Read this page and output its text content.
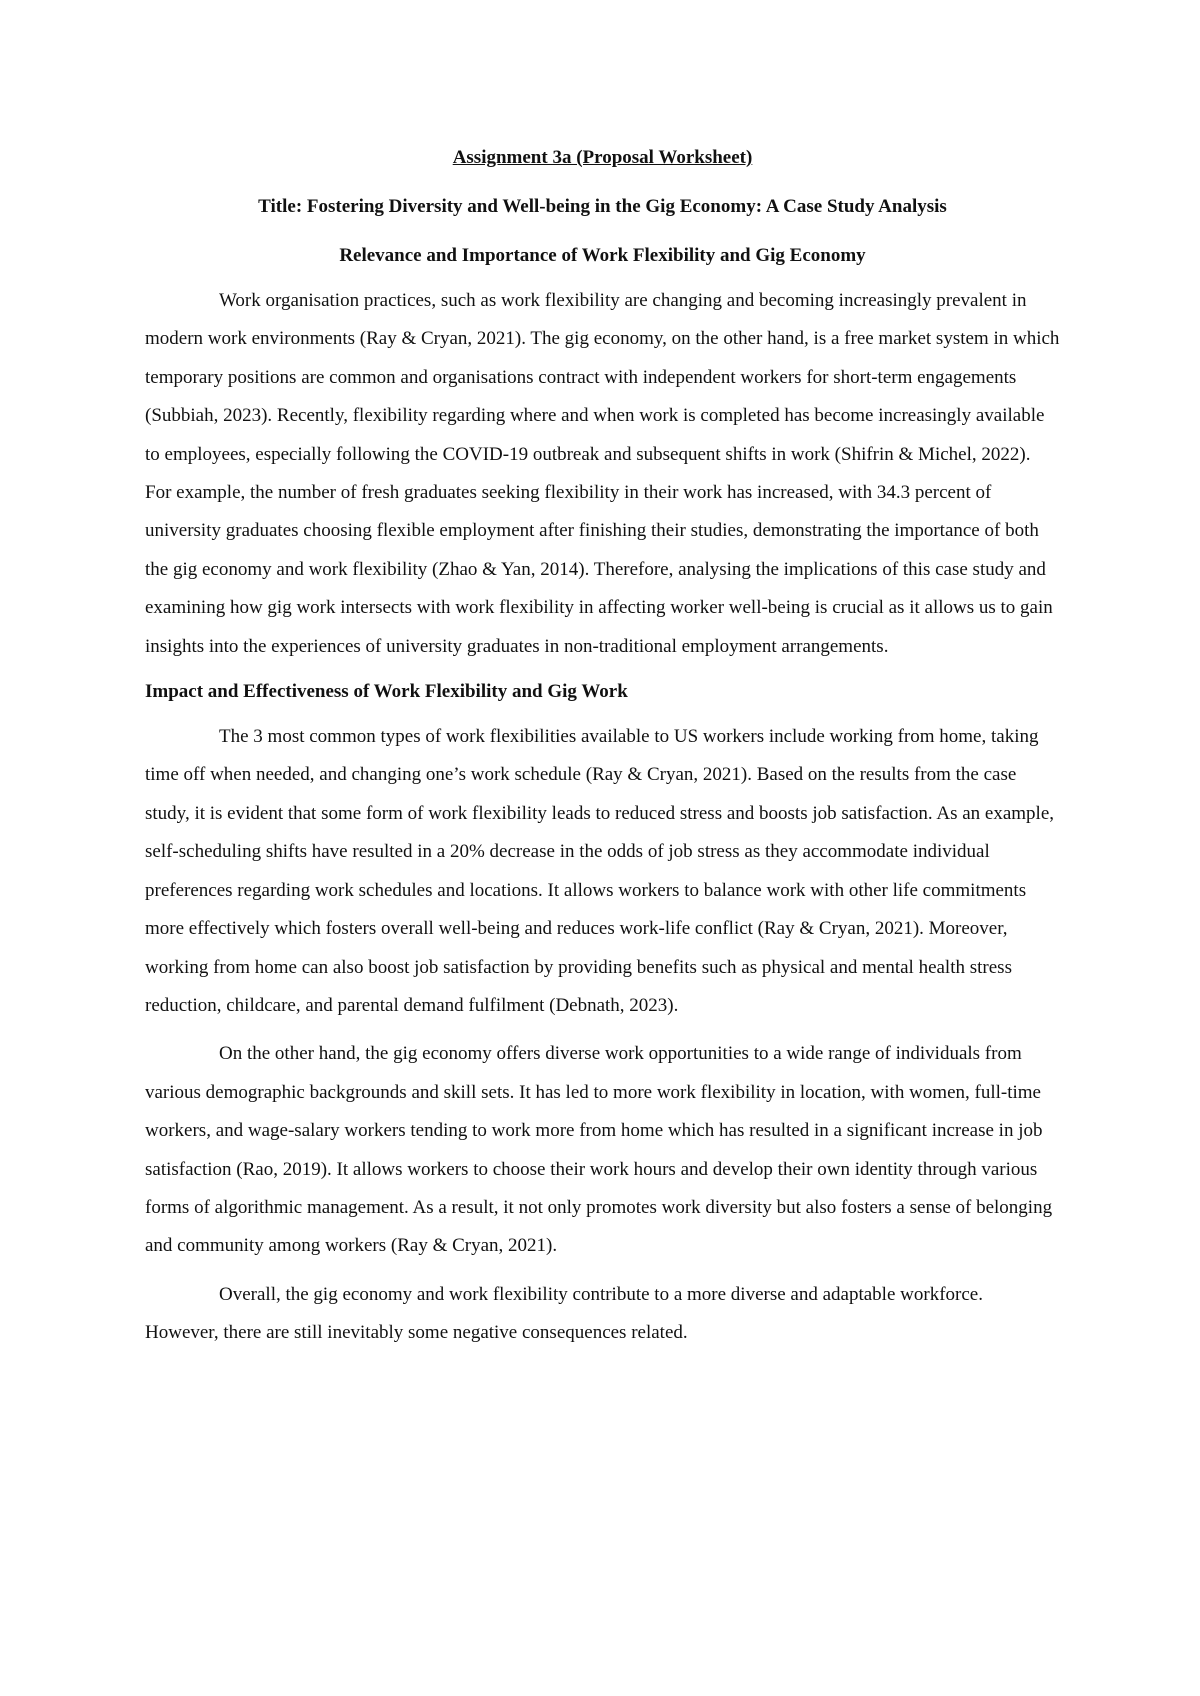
Assignment 3a (Proposal Worksheet)
Title: Fostering Diversity and Well-being in the Gig Economy: A Case Study Analysis
Relevance and Importance of Work Flexibility and Gig Economy

Work organisation practices, such as work flexibility are changing and becoming increasingly prevalent in modern work environments (Ray & Cryan, 2021). The gig economy, on the other hand, is a free market system in which temporary positions are common and organisations contract with independent workers for short-term engagements (Subbiah, 2023). Recently, flexibility regarding where and when work is completed has become increasingly available to employees, especially following the COVID-19 outbreak and subsequent shifts in work (Shifrin & Michel, 2022). For example, the number of fresh graduates seeking flexibility in their work has increased, with 34.3 percent of university graduates choosing flexible employment after finishing their studies, demonstrating the importance of both the gig economy and work flexibility (Zhao & Yan, 2014). Therefore, analysing the implications of this case study and examining how gig work intersects with work flexibility in affecting worker well-being is crucial as it allows us to gain insights into the experiences of university graduates in non-traditional employment arrangements.

Impact and Effectiveness of Work Flexibility and Gig Work

The 3 most common types of work flexibilities available to US workers include working from home, taking time off when needed, and changing one’s work schedule (Ray & Cryan, 2021). Based on the results from the case study, it is evident that some form of work flexibility leads to reduced stress and boosts job satisfaction. As an example, self-scheduling shifts have resulted in a 20% decrease in the odds of job stress as they accommodate individual preferences regarding work schedules and locations. It allows workers to balance work with other life commitments more effectively which fosters overall well-being and reduces work-life conflict (Ray & Cryan, 2021). Moreover, working from home can also boost job satisfaction by providing benefits such as physical and mental health stress reduction, childcare, and parental demand fulfilment (Debnath, 2023).

On the other hand, the gig economy offers diverse work opportunities to a wide range of individuals from various demographic backgrounds and skill sets. It has led to more work flexibility in location, with women, full-time workers, and wage-salary workers tending to work more from home which has resulted in a significant increase in job satisfaction (Rao, 2019). It allows workers to choose their work hours and develop their own identity through various forms of algorithmic management. As a result, it not only promotes work diversity but also fosters a sense of belonging and community among workers (Ray & Cryan, 2021).

Overall, the gig economy and work flexibility contribute to a more diverse and adaptable workforce. However, there are still inevitably some negative consequences related.
